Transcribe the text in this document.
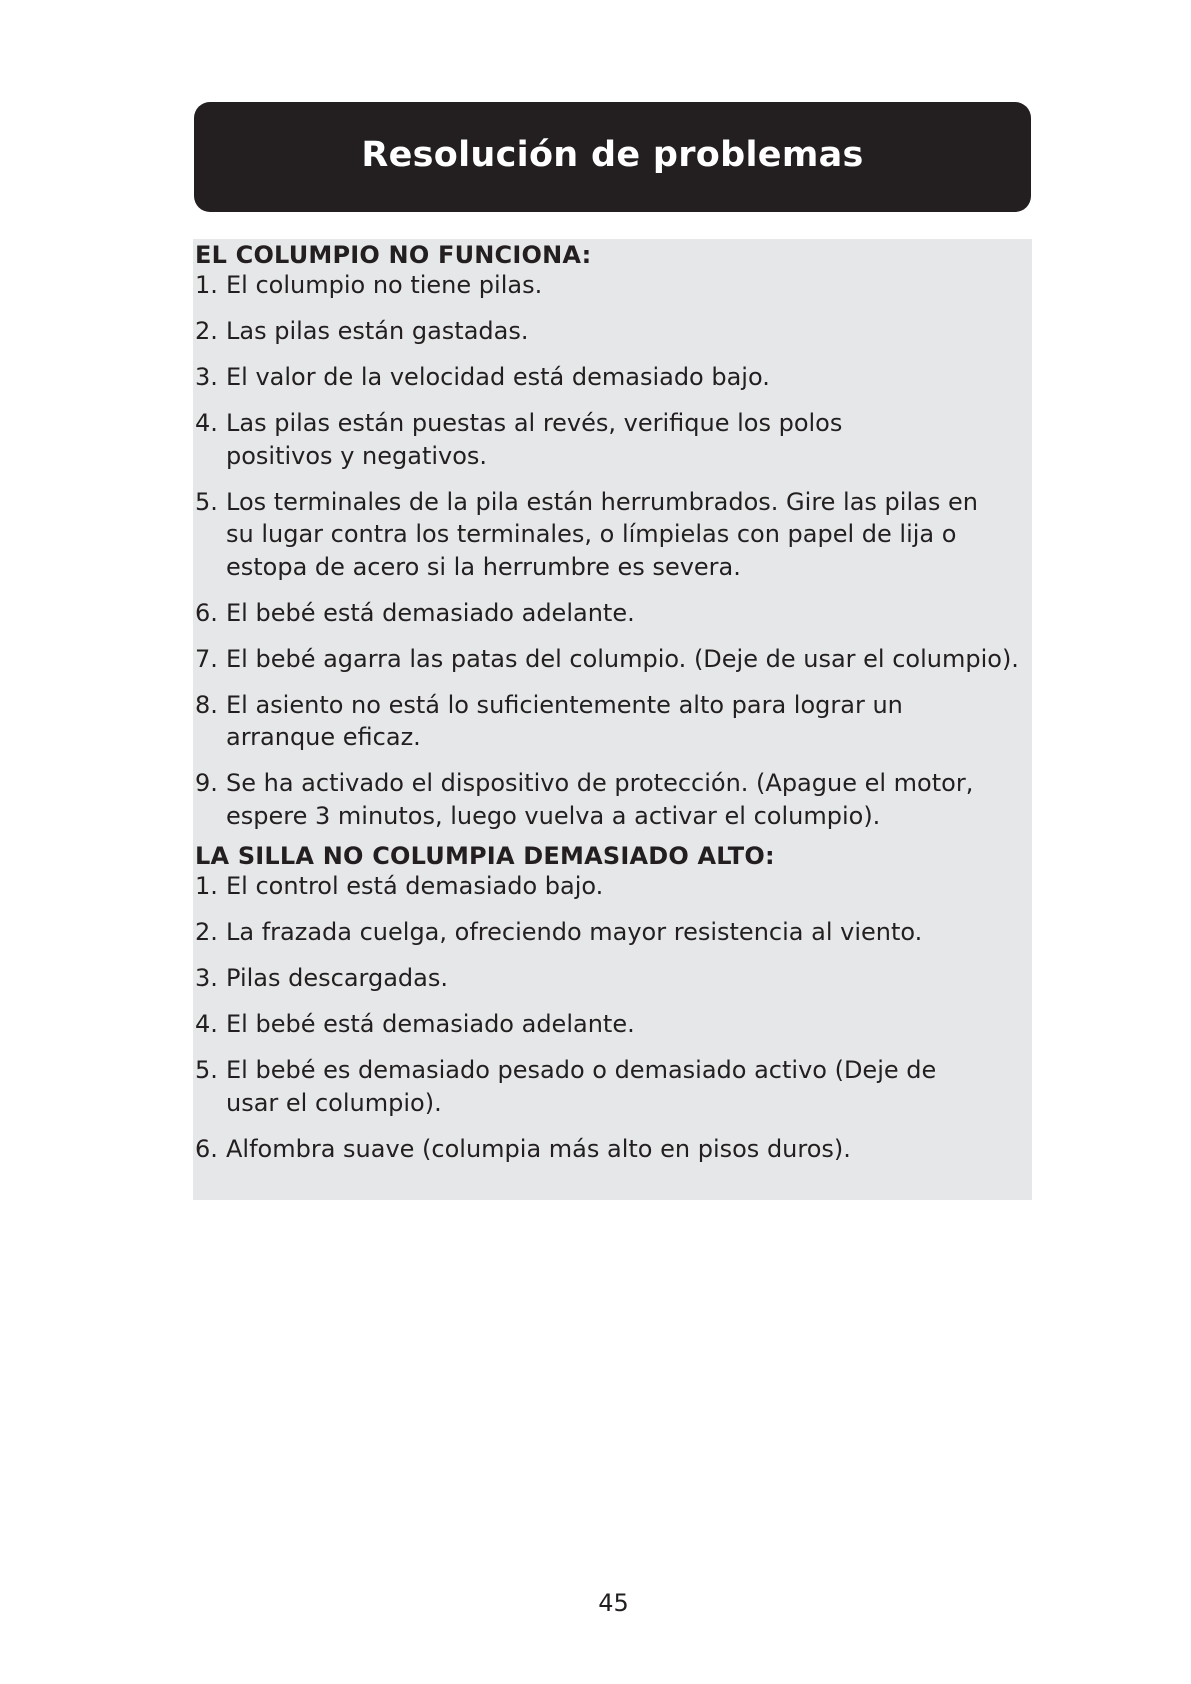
Resolución de problemas
EL COLUMPIO NO FUNCIONA:
1. El columpio no tiene pilas.
2. Las pilas están gastadas.
3. El valor de la velocidad está demasiado bajo.
4. Las pilas están puestas al revés, verifique los polos positivos y negativos.
5. Los terminales de la pila están herrumbrados. Gire las pilas en su lugar contra los terminales, o límpielas con papel de lija o estopa de acero si la herrumbre es severa.
6. El bebé está demasiado adelante.
7. El bebé agarra las patas del columpio. (Deje de usar el columpio).
8. El asiento no está lo suficientemente alto para lograr un arranque eficaz.
9. Se ha activado el dispositivo de protección. (Apague el motor, espere 3 minutos, luego vuelva a activar el columpio).
LA SILLA NO COLUMPIA DEMASIADO ALTO:
1. El control está demasiado bajo.
2. La frazada cuelga, ofreciendo mayor resistencia al viento.
3. Pilas descargadas.
4. El bebé está demasiado adelante.
5. El bebé es demasiado pesado o demasiado activo (Deje de usar el columpio).
6. Alfombra suave (columpia más alto en pisos duros).
45
